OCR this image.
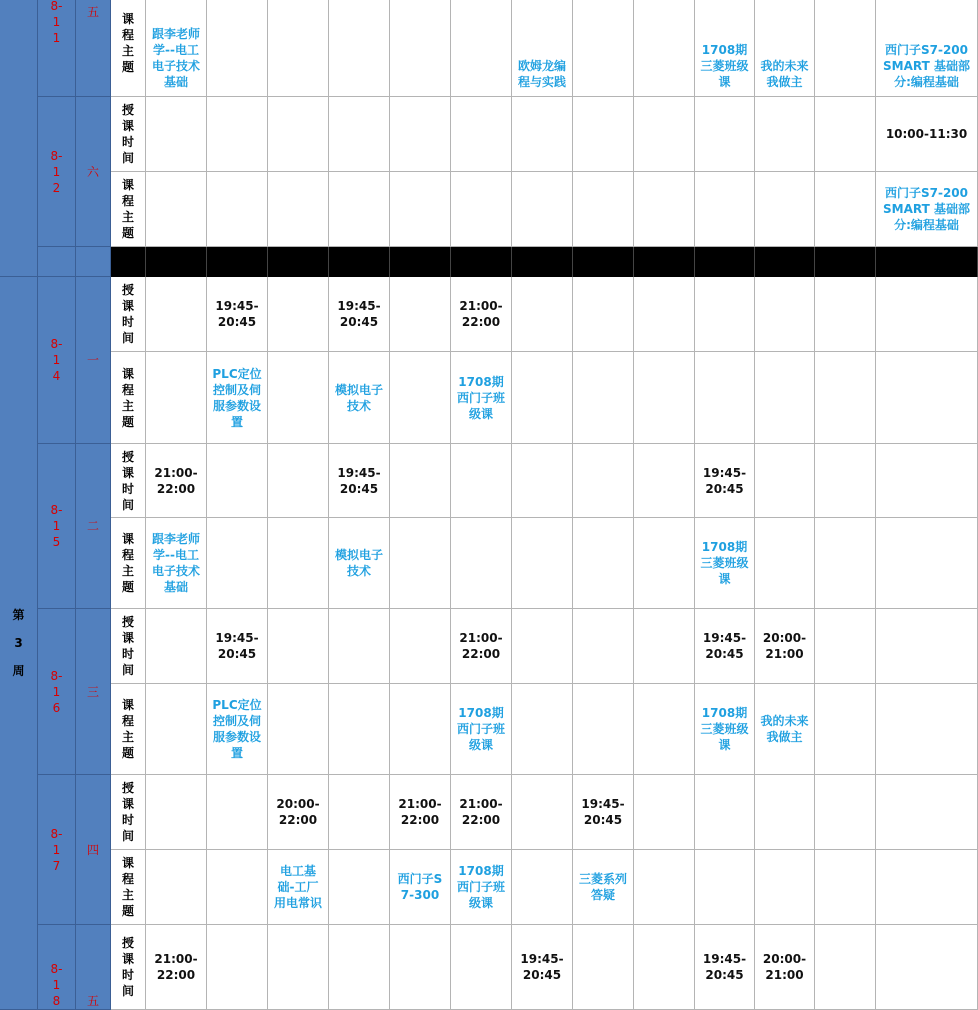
第3周
8-11
五
8-12
六
8-14
一
8-15
二
8-16
三
8-17
四
8-18 五
课程主题
跟李老师学--电工电子技术基础
欧姆龙编程与实践
1708期三菱班级课
我的未来我做主
西门子S7-200 SMART 基础部分:编程基础
授课时间
10:00-11:30
课程主题
西门子S7-200 SMART 基础部分:编程基础
授课时间
19:45-20:45
19:45-20:45
21:00-22:00
课程主题
PLC定位控制及伺服参数设置
模拟电子技术
1708期西门子班级课
授课时间
21:00-22:00
19:45-20:45
19:45-20:45
课程主题
跟李老师学--电工电子技术基础
模拟电子技术
1708期三菱班级课
授课时间
19:45-20:45
21:00-22:00
19:45-20:45
20:00-21:00
课程主题
PLC定位控制及伺服参数设置
1708期西门子班级课
1708期三菱班级课
我的未来我做主
授课时间
20:00-22:00
21:00-22:00
21:00-22:00
19:45-20:45
课程主题
电工基础-工厂用电常识
西门子S7-300
1708期西门子班级课
三菱系列答疑
授课时间
21:00-22:00
19:45-20:45
19:45-20:45
20:00-21:00
